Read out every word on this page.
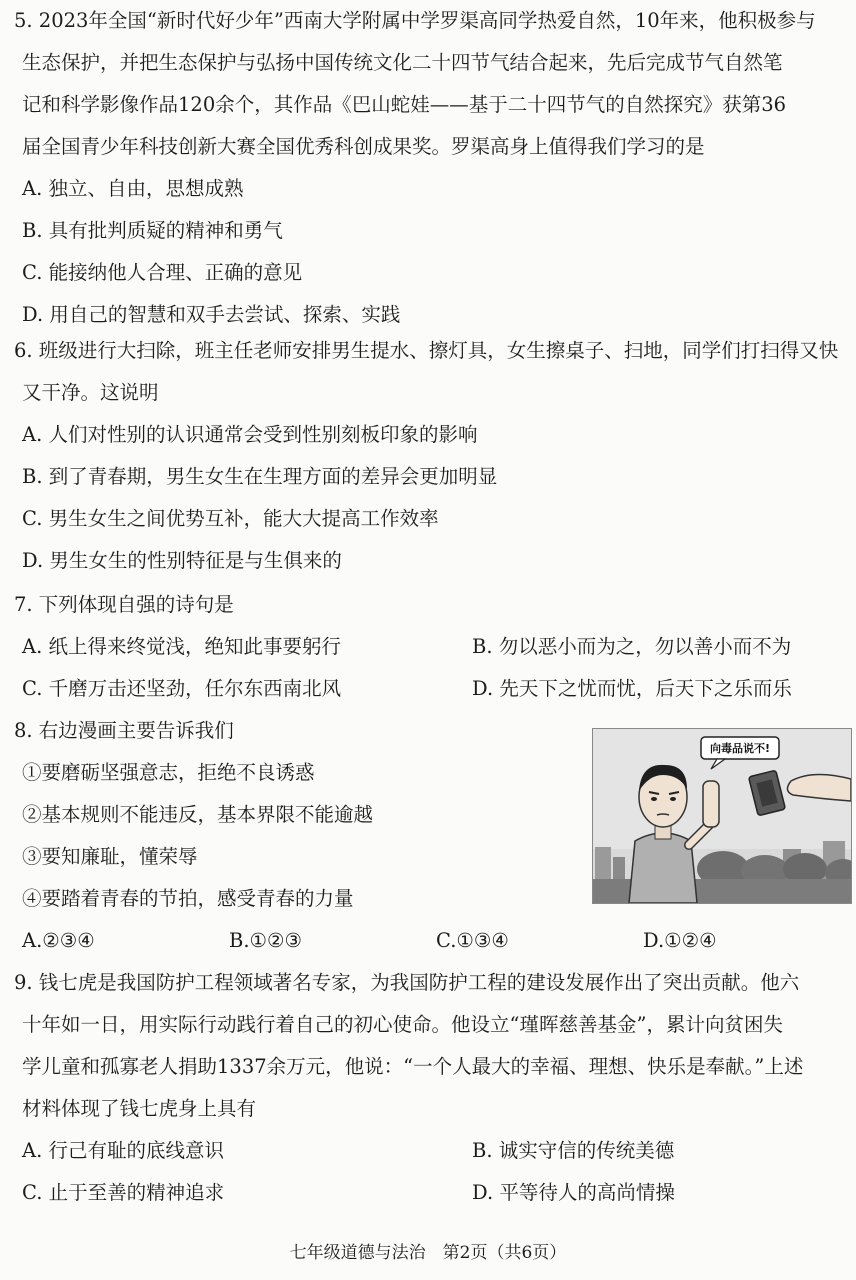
5. 2023年全国“新时代好少年”西南大学附属中学罗渠高同学热爱自然，10年来，他积极参与
生态保护，并把生态保护与弘扬中国传统文化二十四节气结合起来，先后完成节气自然笔
记和科学影像作品120余个，其作品《巴山蛇娃——基于二十四节气的自然探究》获第36
届全国青少年科技创新大赛全国优秀科创成果奖。罗渠高身上值得我们学习的是
A. 独立、自由，思想成熟
B. 具有批判质疑的精神和勇气
C. 能接纳他人合理、正确的意见
D. 用自己的智慧和双手去尝试、探索、实践
6. 班级进行大扫除，班主任老师安排男生提水、擦灯具，女生擦桌子、扫地，同学们打扫得又快
又干净。这说明
A. 人们对性别的认识通常会受到性别刻板印象的影响
B. 到了青春期，男生女生在生理方面的差异会更加明显
C. 男生女生之间优势互补，能大大提高工作效率
D. 男生女生的性别特征是与生俱来的
7. 下列体现自强的诗句是
A. 纸上得来终觉浅，绝知此事要躬行	B. 勿以恶小而为之，勿以善小而不为
C. 千磨万击还坚劲，任尔东西南北风	D. 先天下之忧而忧，后天下之乐而乐
8. 右边漫画主要告诉我们
①要磨砺坚强意志，拒绝不良诱惑
②基本规则不能违反，基本界限不能逾越
③要知廉耻，懂荣辱
④要踏着青春的节拍，感受青春的力量
A.②③④	B.①②③	C.①③④	D.①②④
向毒品说不!
9. 钱七虎是我国防护工程领域著名专家，为我国防护工程的建设发展作出了突出贡献。他六
十年如一日，用实际行动践行着自己的初心使命。他设立“瑾晖慈善基金”，累计向贫困失
学儿童和孤寡老人捐助1337余万元，他说：“一个人最大的幸福、理想、快乐是奉献。”上述
材料体现了钱七虎身上具有
A. 行己有耻的底线意识	B. 诚实守信的传统美德
C. 止于至善的精神追求	D. 平等待人的高尚情操
七年级道德与法治　第2页（共6页）
